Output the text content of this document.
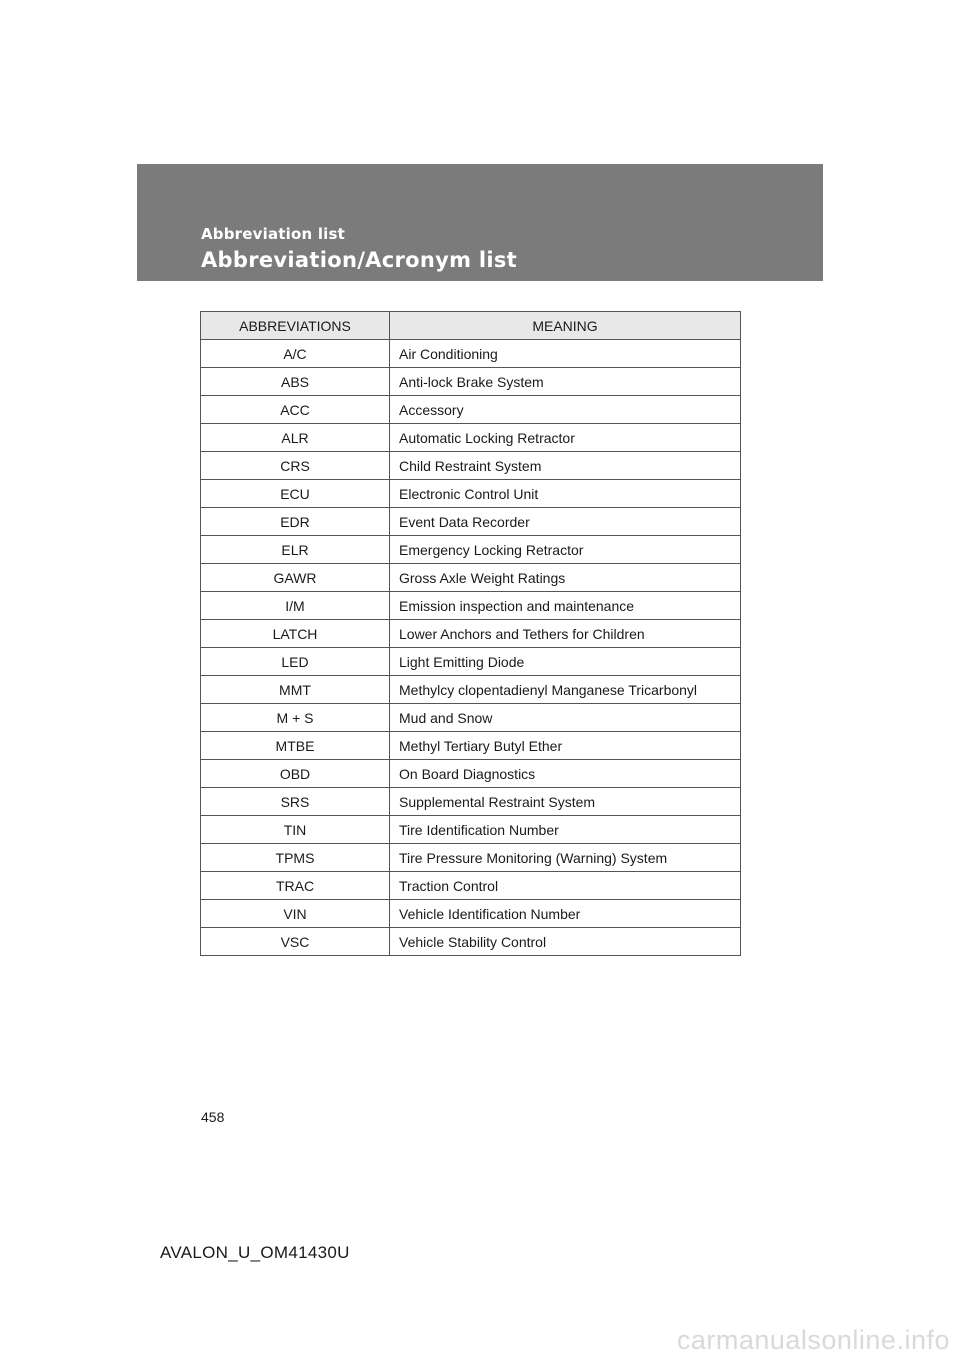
Abbreviation list
Abbreviation/Acronym list
ABBREVIATIONS	MEANING
A/C	Air Conditioning
ABS	Anti-lock Brake System
ACC	Accessory
ALR	Automatic Locking Retractor
CRS	Child Restraint System
ECU	Electronic Control Unit
EDR	Event Data Recorder
ELR	Emergency Locking Retractor
GAWR	Gross Axle Weight Ratings
I/M	Emission inspection and maintenance
LATCH	Lower Anchors and Tethers for Children
LED	Light Emitting Diode
MMT	Methylcy clopentadienyl Manganese Tricarbonyl
M + S	Mud and Snow
MTBE	Methyl Tertiary Butyl Ether
OBD	On Board Diagnostics
SRS	Supplemental Restraint System
TIN	Tire Identification Number
TPMS	Tire Pressure Monitoring (Warning) System
TRAC	Traction Control
VIN	Vehicle Identification Number
VSC	Vehicle Stability Control
458
AVALON_U_OM41430U
carmanualsonline.info
